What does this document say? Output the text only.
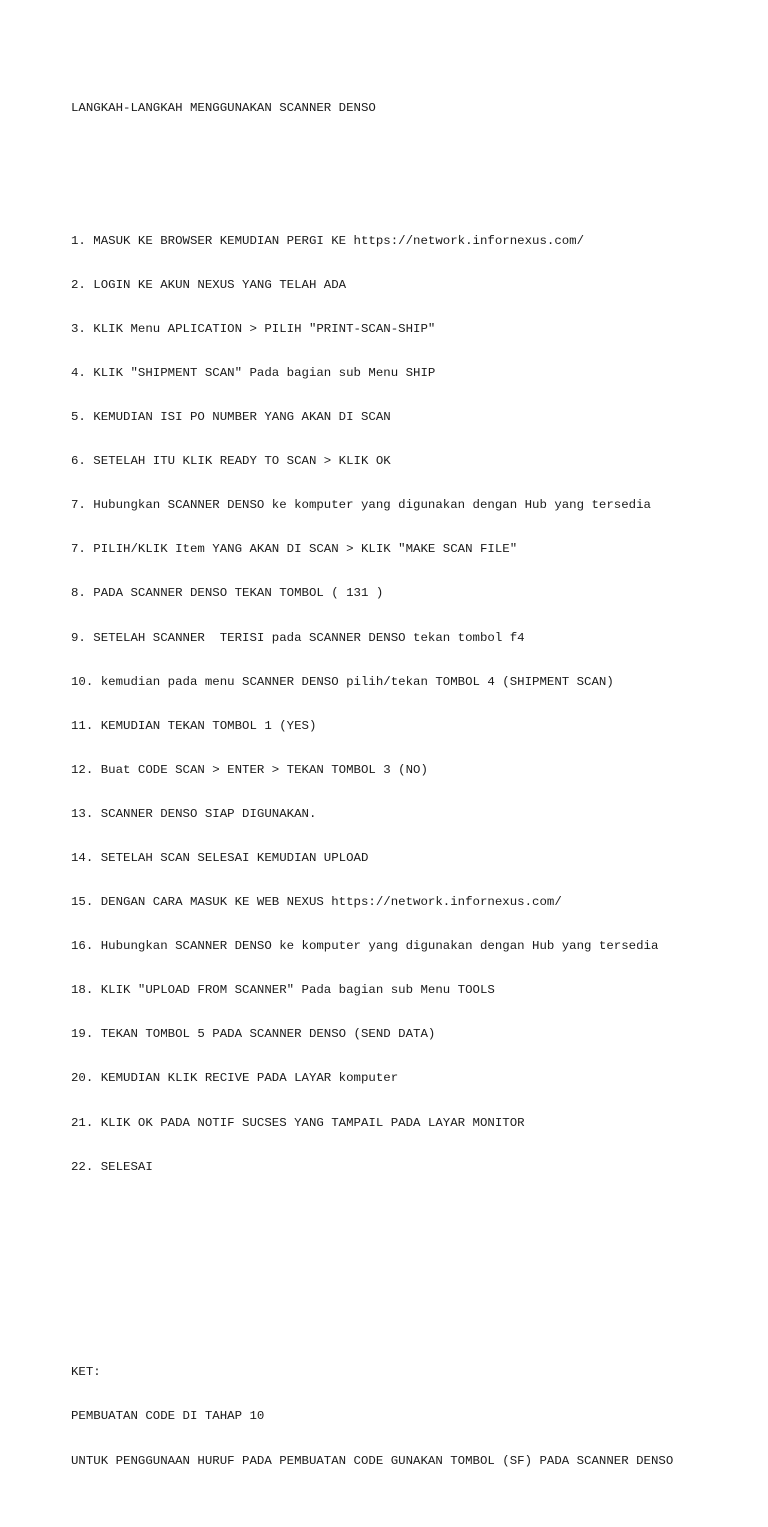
LANGKAH-LANGKAH MENGGUNAKAN SCANNER DENSO

1. MASUK KE BROWSER KEMUDIAN PERGI KE https://network.infornexus.com/

2. LOGIN KE AKUN NEXUS YANG TELAH ADA

3. KLIK Menu APLICATION > PILIH "PRINT-SCAN-SHIP"

4. KLIK "SHIPMENT SCAN" Pada bagian sub Menu SHIP

5. KEMUDIAN ISI PO NUMBER YANG AKAN DI SCAN

6. SETELAH ITU KLIK READY TO SCAN > KLIK OK

7. Hubungkan SCANNER DENSO ke komputer yang digunakan dengan Hub yang tersedia

7. PILIH/KLIK Item YANG AKAN DI SCAN > KLIK "MAKE SCAN FILE"

8. PADA SCANNER DENSO TEKAN TOMBOL ( 131 )

9. SETELAH SCANNER  TERISI pada SCANNER DENSO tekan tombol f4

10. kemudian pada menu SCANNER DENSO pilih/tekan TOMBOL 4 (SHIPMENT SCAN)

11. KEMUDIAN TEKAN TOMBOL 1 (YES)

12. Buat CODE SCAN > ENTER > TEKAN TOMBOL 3 (NO)

13. SCANNER DENSO SIAP DIGUNAKAN.

14. SETELAH SCAN SELESAI KEMUDIAN UPLOAD

15. DENGAN CARA MASUK KE WEB NEXUS https://network.infornexus.com/

16. Hubungkan SCANNER DENSO ke komputer yang digunakan dengan Hub yang tersedia

18. KLIK "UPLOAD FROM SCANNER" Pada bagian sub Menu TOOLS

19. TEKAN TOMBOL 5 PADA SCANNER DENSO (SEND DATA)

20. KEMUDIAN KLIK RECIVE PADA LAYAR komputer

21. KLIK OK PADA NOTIF SUCSES YANG TAMPAIL PADA LAYAR MONITOR

22. SELESAI

KET:

PEMBUATAN CODE DI TAHAP 10

UNTUK PENGGUNAAN HURUF PADA PEMBUATAN CODE GUNAKAN TOMBOL (SF) PADA SCANNER DENSO
